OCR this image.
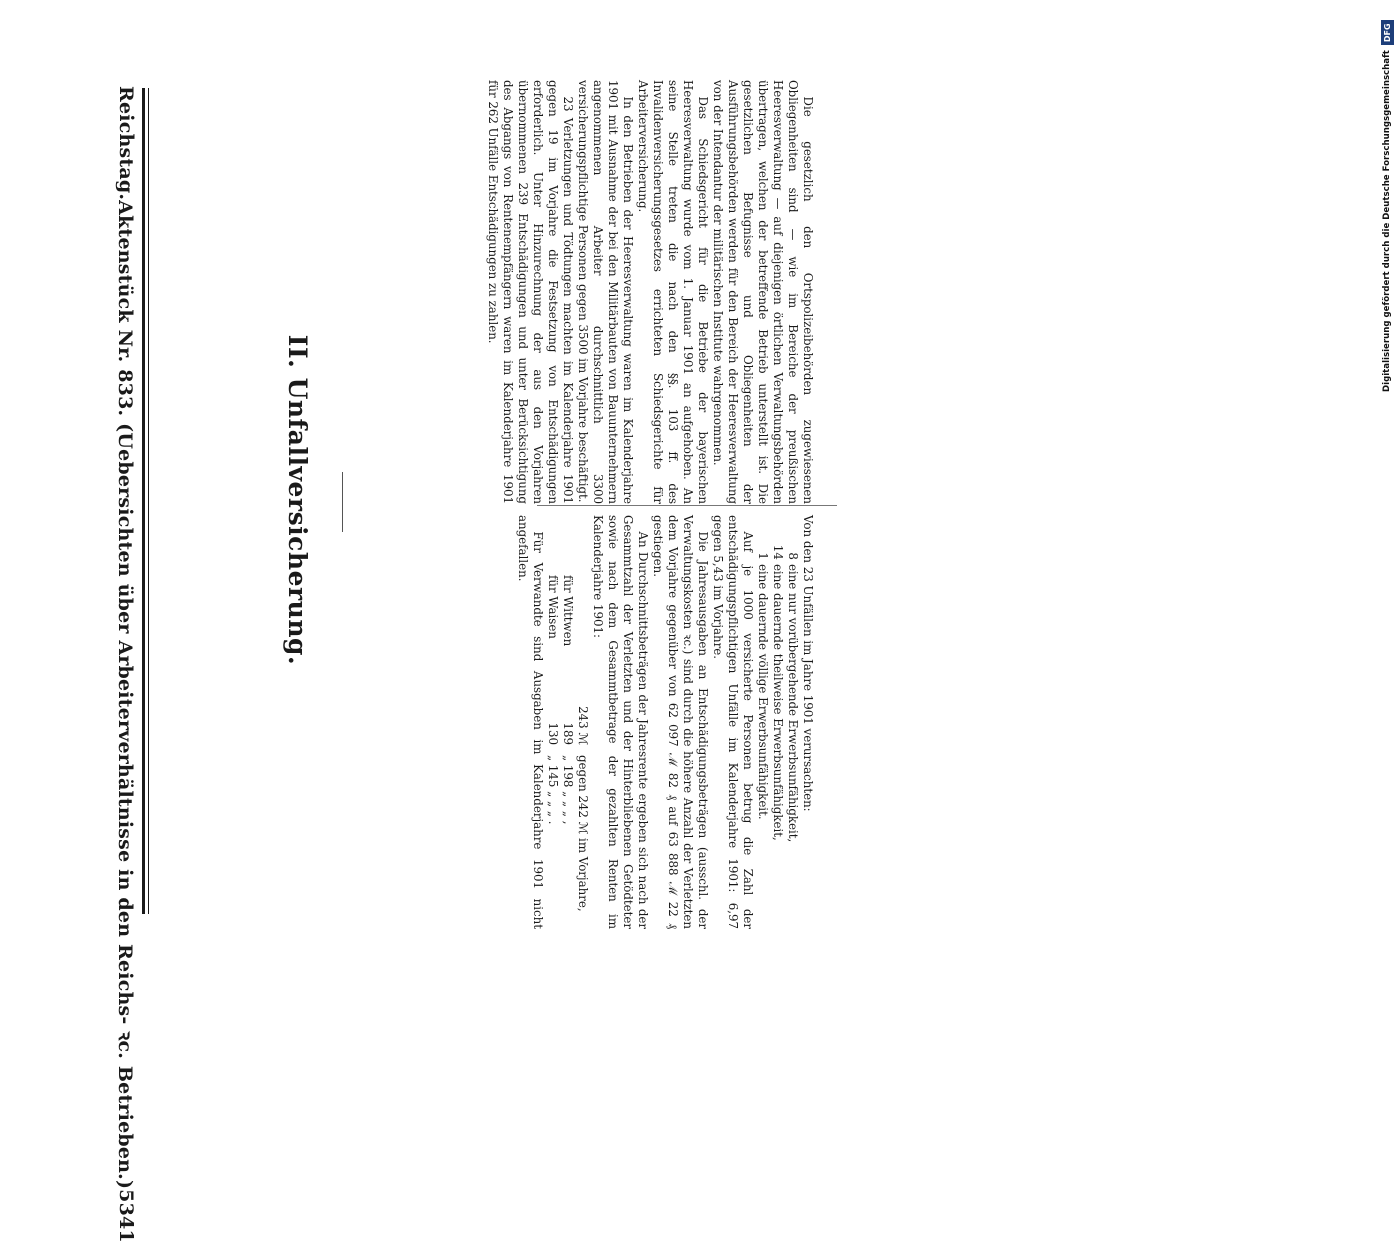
Digitalisierung gefördert durch die Deutsche Forschungsgemeinschaft
DFG
Reichstag.
Aktenstück Nr. 833. (Uebersichten über Arbeiterverhältnisse in den Reichs- ꝛc. Betrieben.)
5341
II. Unfallversicherung.	Die gesetzlich den Ortspolizeibehörden zugewiesenen Obliegenheiten sind — wie im Bereiche der preußischen Heeresverwaltung — auf diejenigen örtlichen Verwaltungsbehörden übertragen, welchen der betreffende Betrieb unterstellt ist. Die gesetzlichen Befugnisse und Obliegenheiten der Ausführungsbehörden werden für den Bereich der Heeresverwaltung von der Intendantur der militärischen Institute wahrgenommen.

Das Schiedsgericht für die Betriebe der bayerischen Heeresverwaltung wurde vom 1. Januar 1901 an aufgehoben. An seine Stelle treten die nach den §§. 103 ff. des Invalidenversicherungsgesetzes errichteten Schiedsgerichte für Arbeiterversicherung.

In den Betrieben der Heeresverwaltung waren im Kalenderjahre 1901 mit Ausnahme der bei den Militärbauten von Bauunternehmern angenommenen Arbeiter durchschnittlich 3300 versicherungspflichtige Personen gegen 3500 im Vorjahre beschäftigt.

23 Verletzungen und Tödtungen machten im Kalenderjahre 1901 gegen 19 im Vorjahre die Festsetzung von Entschädigungen erforderlich. Unter Hinzurechnung der aus den Vorjahren übernommenen 239 Entschädigungen und unter Berücksichtigung des Abgangs von Rentenempfängern waren im Kalenderjahre 1901 für 262 Unfälle Entschädigungen zu zahlen.

Von den 23 Unfällen im Jahre 1901 verursachten:

8eine nur vorübergehende Erwerbsunfähigkeit,
14eine dauernde theilweise Erwerbsunfähigkeit,
1eine dauernde völlige Erwerbsunfähigkeit.

Auf je 1000 versicherte Personen betrug die Zahl der entschädigungspflichtigen Unfälle im Kalenderjahre 1901: 6,97 gegen 5,43 im Vorjahre.

Die Jahresausgaben an Entschädigungsbeträgen (ausschl. der Verwaltungskosten ꝛc.) sind durch die höhere Anzahl der Verletzten dem Vorjahre gegenüber von 62 097 ℳ 82 ₰ auf 63 888 ℳ 22 ₰ gestiegen.

An Durchschnittsbeträgen der Jahresrente ergeben sich nach der Gesammtzahl der Verletzten und der Hinterbliebenen Getödteter sowie nach dem Gesammtbetrage der gezahlten Renten im Kalenderjahre 1901:

243 ℳ
gegen 242 ℳ im Vorjahre,
für Wittwen
189
„ 198 „ „ „ ,
für Waisen
130
„ 145 „ „ „ .

Für Verwandte sind Ausgaben im Kalenderjahre 1901 nicht angefallen.
